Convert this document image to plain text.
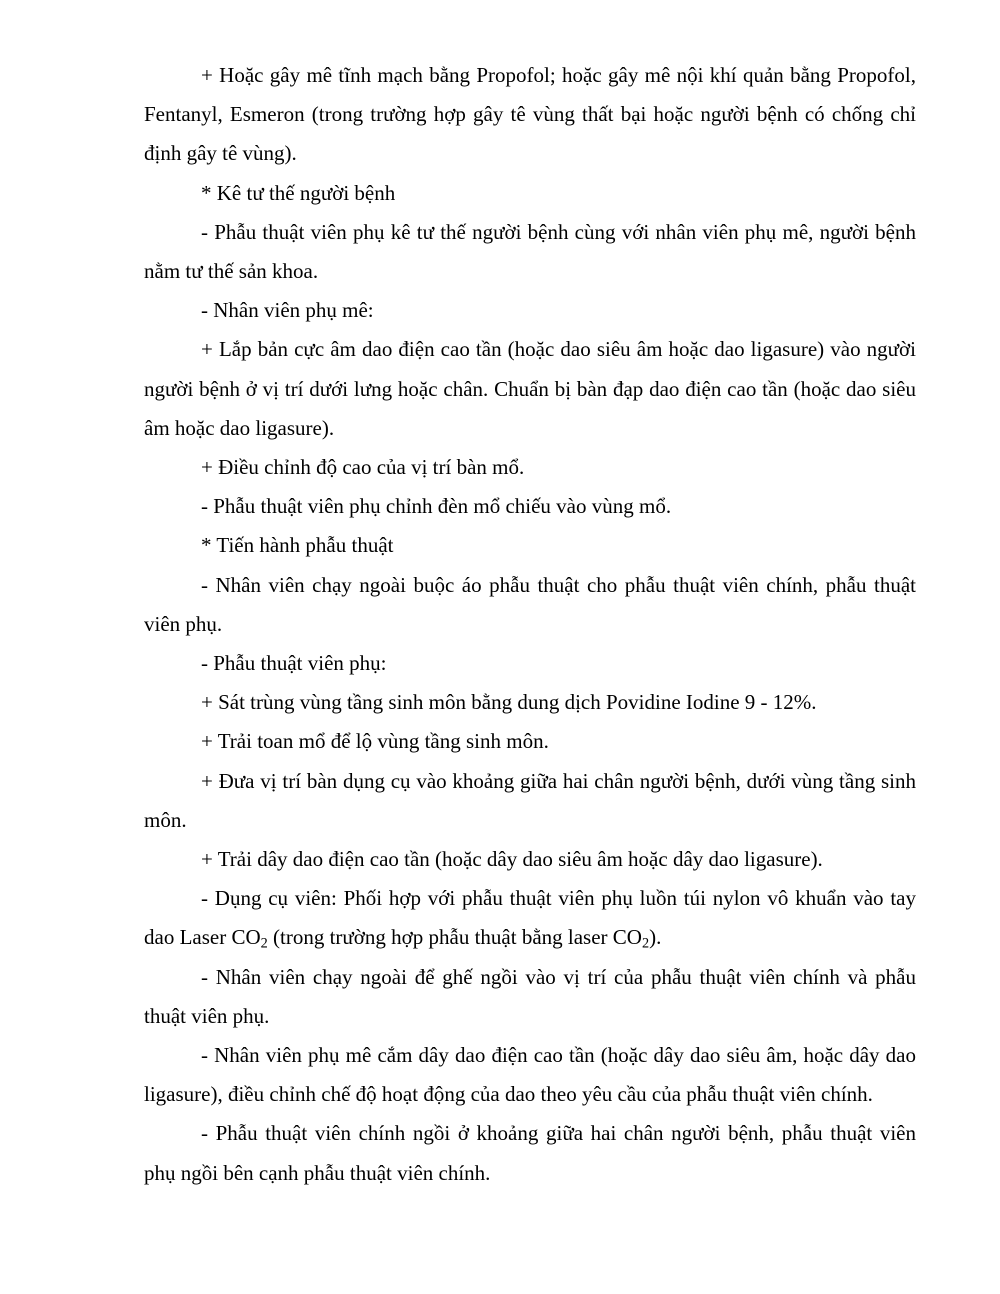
+ Hoặc gây mê tĩnh mạch bằng Propofol; hoặc gây mê nội khí quản bằng Propofol, Fentanyl, Esmeron (trong trường hợp gây tê vùng thất bại hoặc người bệnh có chống chỉ định gây tê vùng).

* Kê tư thế người bệnh

- Phẫu thuật viên phụ kê tư thế người bệnh cùng với nhân viên phụ mê, người bệnh nằm tư thế sản khoa.

- Nhân viên phụ mê:

+ Lắp bản cực âm dao điện cao tần (hoặc dao siêu âm hoặc dao ligasure) vào người người bệnh ở vị trí dưới lưng hoặc chân. Chuẩn bị bàn đạp dao điện cao tần (hoặc dao siêu âm hoặc dao ligasure).

+ Điều chỉnh độ cao của vị trí bàn mổ.

- Phẫu thuật viên phụ chỉnh đèn mổ chiếu vào vùng mổ.

* Tiến hành phẫu thuật

- Nhân viên chạy ngoài buộc áo phẫu thuật cho phẫu thuật viên chính, phẫu thuật viên phụ.

- Phẫu thuật viên phụ:

+ Sát trùng vùng tầng sinh môn bằng dung dịch Povidine Iodine 9 - 12%.

+ Trải toan mổ để lộ vùng tầng sinh môn.

+ Đưa vị trí bàn dụng cụ vào khoảng giữa hai chân người bệnh, dưới vùng tầng sinh môn.

+ Trải dây dao điện cao tần (hoặc dây dao siêu âm hoặc dây dao ligasure).

- Dụng cụ viên: Phối hợp với phẫu thuật viên phụ luồn túi nylon vô khuẩn vào tay dao Laser $CO_2$ (trong trường hợp phẫu thuật bằng laser $CO_2$).

- Nhân viên chạy ngoài để ghế ngồi vào vị trí của phẫu thuật viên chính và phẫu thuật viên phụ.

- Nhân viên phụ mê cắm dây dao điện cao tần (hoặc dây dao siêu âm, hoặc dây dao ligasure), điều chỉnh chế độ hoạt động của dao theo yêu cầu của phẫu thuật viên chính.

- Phẫu thuật viên chính ngồi ở khoảng giữa hai chân người bệnh, phẫu thuật viên phụ ngồi bên cạnh phẫu thuật viên chính.
